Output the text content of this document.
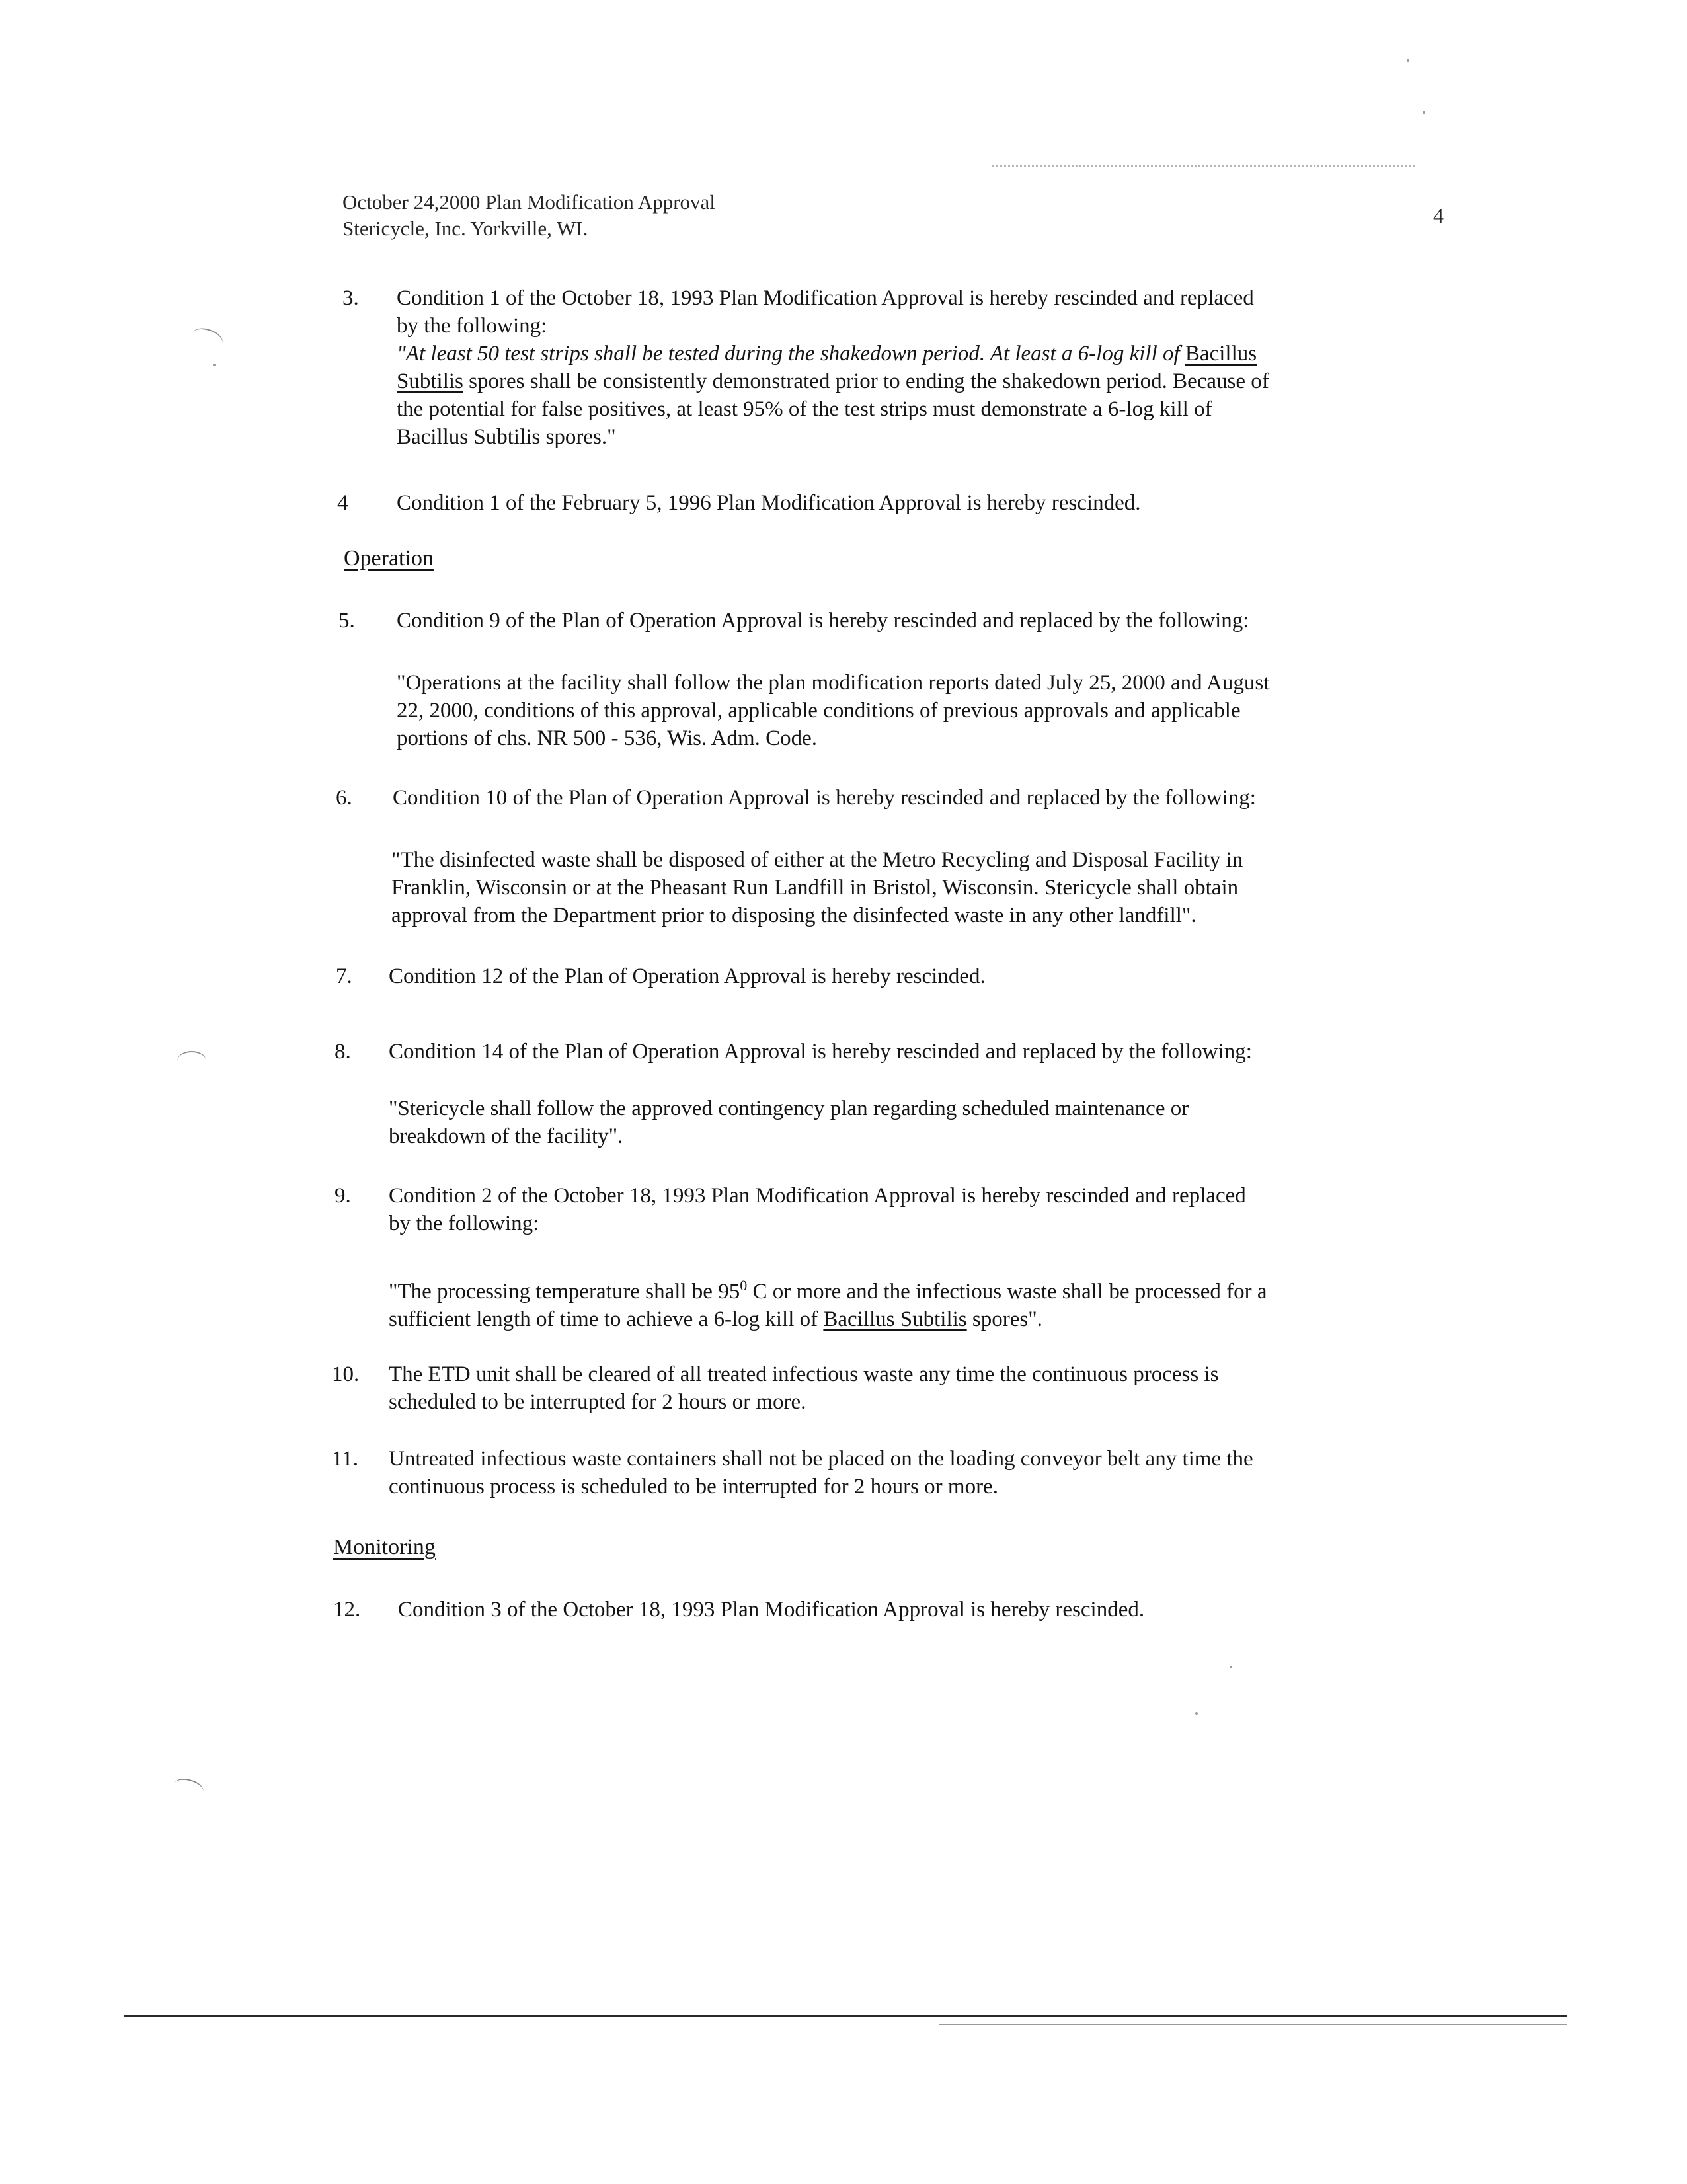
October 24,2000 Plan Modification Approval
Stericycle, Inc. Yorkville, WI.
4
3. Condition 1 of the October 18, 1993 Plan Modification Approval is hereby rescinded and replaced
by the following:
"At least 50 test strips shall be tested during the shakedown period. At least a 6-log kill of Bacillus
Subtilis spores shall be consistently demonstrated prior to ending the shakedown period. Because of
the potential for false positives, at least 95% of the test strips must demonstrate a 6-log kill of
Bacillus Subtilis spores."
4 Condition 1 of the February 5, 1996 Plan Modification Approval is hereby rescinded.
Operation
5. Condition 9 of the Plan of Operation Approval is hereby rescinded and replaced by the following:
"Operations at the facility shall follow the plan modification reports dated July 25, 2000 and August
22, 2000, conditions of this approval, applicable conditions of previous approvals and applicable
portions of chs. NR 500 - 536, Wis. Adm. Code.
6. Condition 10 of the Plan of Operation Approval is hereby rescinded and replaced by the following:
"The disinfected waste shall be disposed of either at the Metro Recycling and Disposal Facility in
Franklin, Wisconsin or at the Pheasant Run Landfill in Bristol, Wisconsin. Stericycle shall obtain
approval from the Department prior to disposing the disinfected waste in any other landfill".
7. Condition 12 of the Plan of Operation Approval is hereby rescinded.
8. Condition 14 of the Plan of Operation Approval is hereby rescinded and replaced by the following:
"Stericycle shall follow the approved contingency plan regarding scheduled maintenance or
breakdown of the facility".
9. Condition 2 of the October 18, 1993 Plan Modification Approval is hereby rescinded and replaced
by the following:
"The processing temperature shall be $95^0$ C or more and the infectious waste shall be processed for a
sufficient length of time to achieve a 6-log kill of Bacillus Subtilis spores".
10. The ETD unit shall be cleared of all treated infectious waste any time the continuous process is
scheduled to be interrupted for 2 hours or more.
11. Untreated infectious waste containers shall not be placed on the loading conveyor belt any time the
continuous process is scheduled to be interrupted for 2 hours or more.
Monitoring
12. Condition 3 of the October 18, 1993 Plan Modification Approval is hereby rescinded.
